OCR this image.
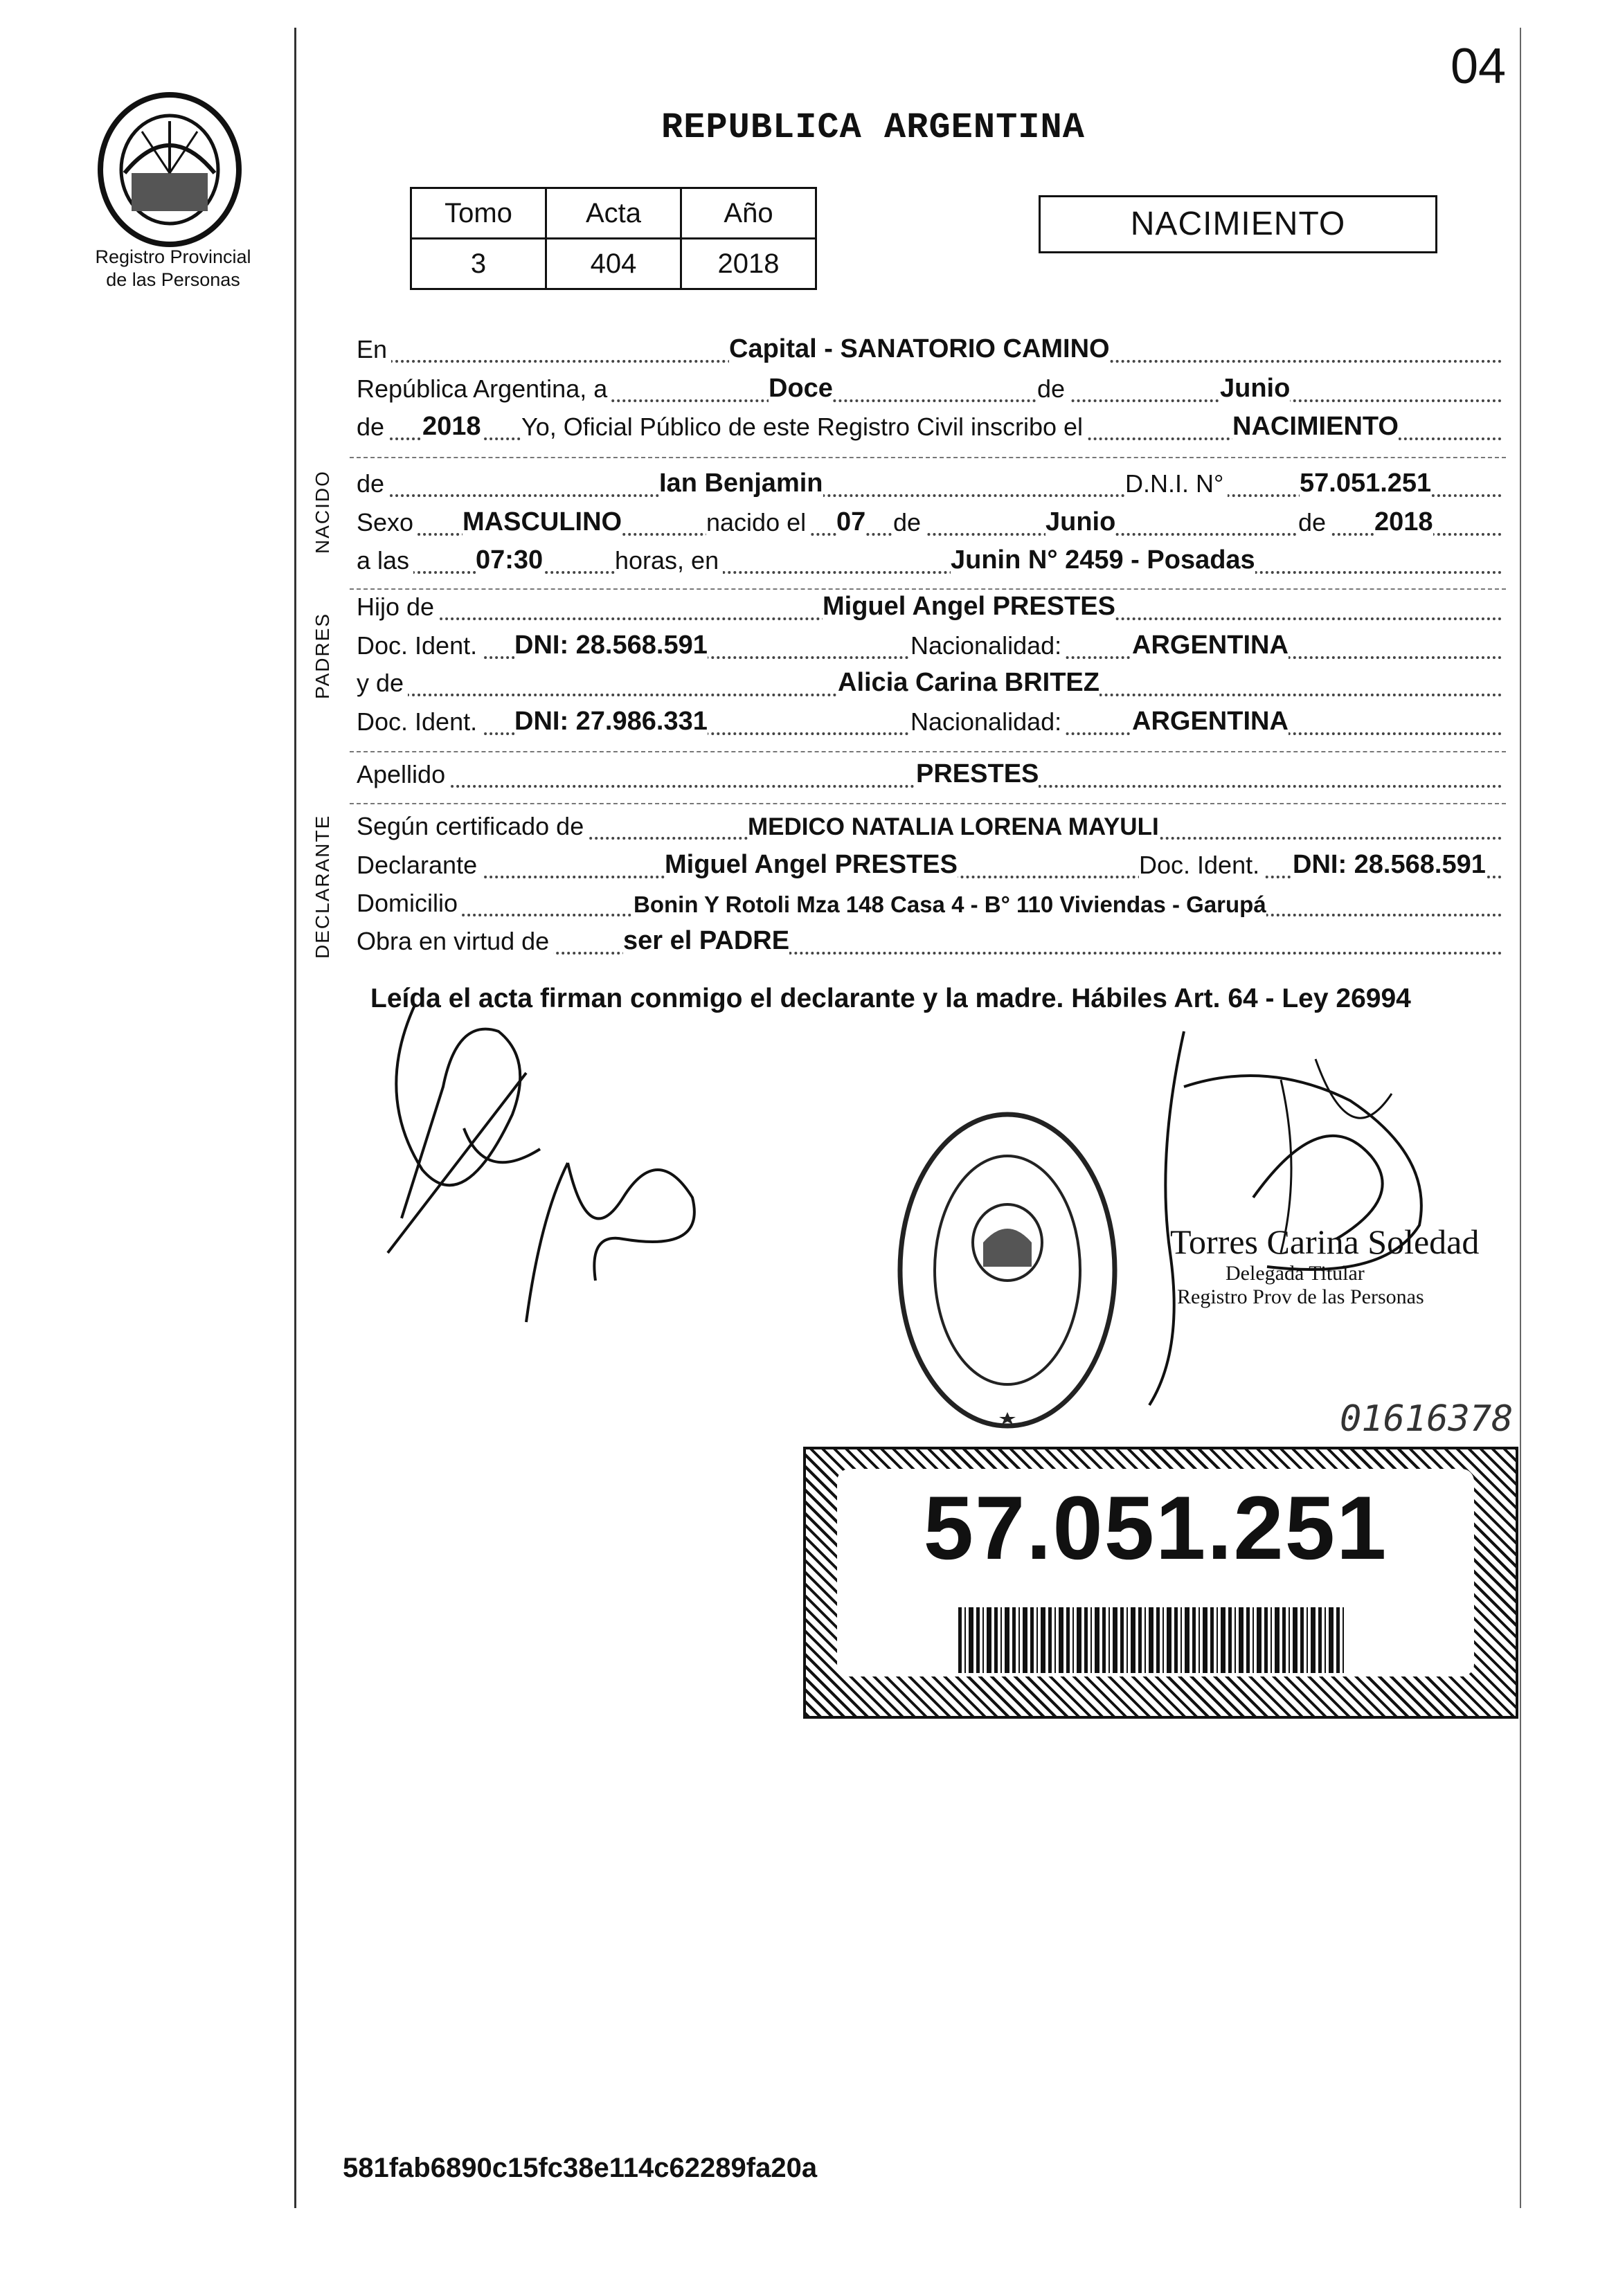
04
Registro Provincial
de las Personas
REPUBLICA ARGENTINA
Tomo	Acta	Año
3	404	2018
NACIMIENTO
En	Capital - SANATORIO CAMINO
República Argentina, a	Doce	de	Junio
de 2018 Yo, Oficial Público de este Registro Civil inscribo el	NACIMIENTO
NACIDO de	Ian Benjamin	D.N.I. N°	57.051.251
Sexo MASCULINO	nacido el 07 de	Junio	de 2018
a las	07:30	horas, en	Junin N° 2459 - Posadas
PADRES
Hijo de	Miguel Angel PRESTES
Doc. Ident. DNI: 28.568.591	Nacionalidad:	ARGENTINA
y de	Alicia Carina BRITEZ
Doc. Ident. DNI: 27.986.331	Nacionalidad:	ARGENTINA
Apellido	PRESTES
DECLARANTE Según certificado de	MEDICO NATALIA LORENA MAYULI
Declarante	Miguel Angel PRESTES	Doc. Ident. DNI: 28.568.591
Domicilio	Bonin Y Rotoli Mza 148 Casa 4 - B° 110 Viviendas - Garupá
Obra en virtud de	ser el PADRE
Leída el acta firman conmigo el declarante y la madre. Hábiles Art. 64 - Ley 26994
Torres Carina Soledad
Delegada Titular
Registro Prov de las Personas
01616378
57.051.251
581fab6890c15fc38e114c62289fa20a
